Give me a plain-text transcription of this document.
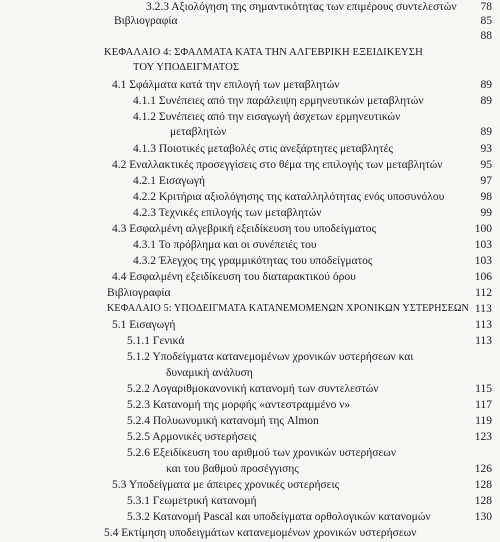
3.2.3 Αξιολόγηση της σημαντικότητας των επιμέρους συντελεστών 78
Βιβλιογραφία	85
88
ΚΕΦΑΛΑΙΟ 4: ΣΦΑΛΜΑΤΑ ΚΑΤΑ ΤΗΝ ΑΛΓΕΒΡΙΚΗ ΕΞΕΙΔΙΚΕΥΣΗ
ΤΟΥ ΥΠΟΔΕΙΓΜΑΤΟΣ
4.1 Σφάλματα κατά την επιλογή των μεταβλητών	89
4.1.1 Συνέπειες από την παράλειψη ερμηνευτικών μεταβλητών	89
4.1.2 Συνέπειες από την εισαγωγή άσχετων ερμηνευτικών
μεταβλητών	89
4.1.3 Ποιοτικές μεταβολές στις ανεξάρτητες μεταβλητές	93
4.2 Εναλλακτικές προσεγγίσεις στο θέμα της επιλογής των μεταβλητών	95
4.2.1 Εισαγωγή	97
4.2.2 Κριτήρια αξιολόγησης της καταλληλότητας ενός υποσυνόλου	98
4.2.3 Τεχνικές επιλογής των μεταβλητών	99
4.3 Εσφαλμένη αλγεβρική εξειδίκευση του υποδείγματος	100
4.3.1 Το πρόβλημα και οι συνέπειές του	103
4.3.2 Έλεγχος της γραμμικότητας του υποδείγματος	103
4.4 Εσφαλμένη εξειδίκευση του διαταρακτικού όρου	106
Βιβλιογραφία	112
ΚΕΦΑΛΑΙΟ 5: ΥΠΟΔΕΙΓΜΑΤΑ ΚΑΤΑΝΕΜΟΜΕΝΩΝ ΧΡΟΝΙΚΩΝ ΥΣΤΕΡΗΣΕΩΝ 113
5.1 Εισαγωγή	113
5.1.1 Γενικά	113
5.1.2 Υποδείγματα κατανεμομένων χρονικών υστερήσεων και
δυναμική ανάλυση
5.2.2 Λογαριθμοκανονική κατανομή των συντελεστών	115
5.2.3 Κατανομή της μορφής «αντεστραμμένο ν»	117
5.2.4 Πολυωνυμική κατανομή της Almon	119
5.2.5 Αρμονικές υστερήσεις	123
5.2.6 Εξειδίκευση του αριθμού των χρονικών υστερήσεων
και του βαθμού προσέγγισης	126
5.3 Υποδείγματα με άπειρες χρονικές υστερήσεις	128
5.3.1 Γεωμετρική κατανομή	128
5.3.2 Κατανομή Pascal και υποδείγματα ορθολογικών κατανομών	130
5.4 Εκτίμηση υποδειγμάτων κατανεμομένων χρονικών υστερήσεων
